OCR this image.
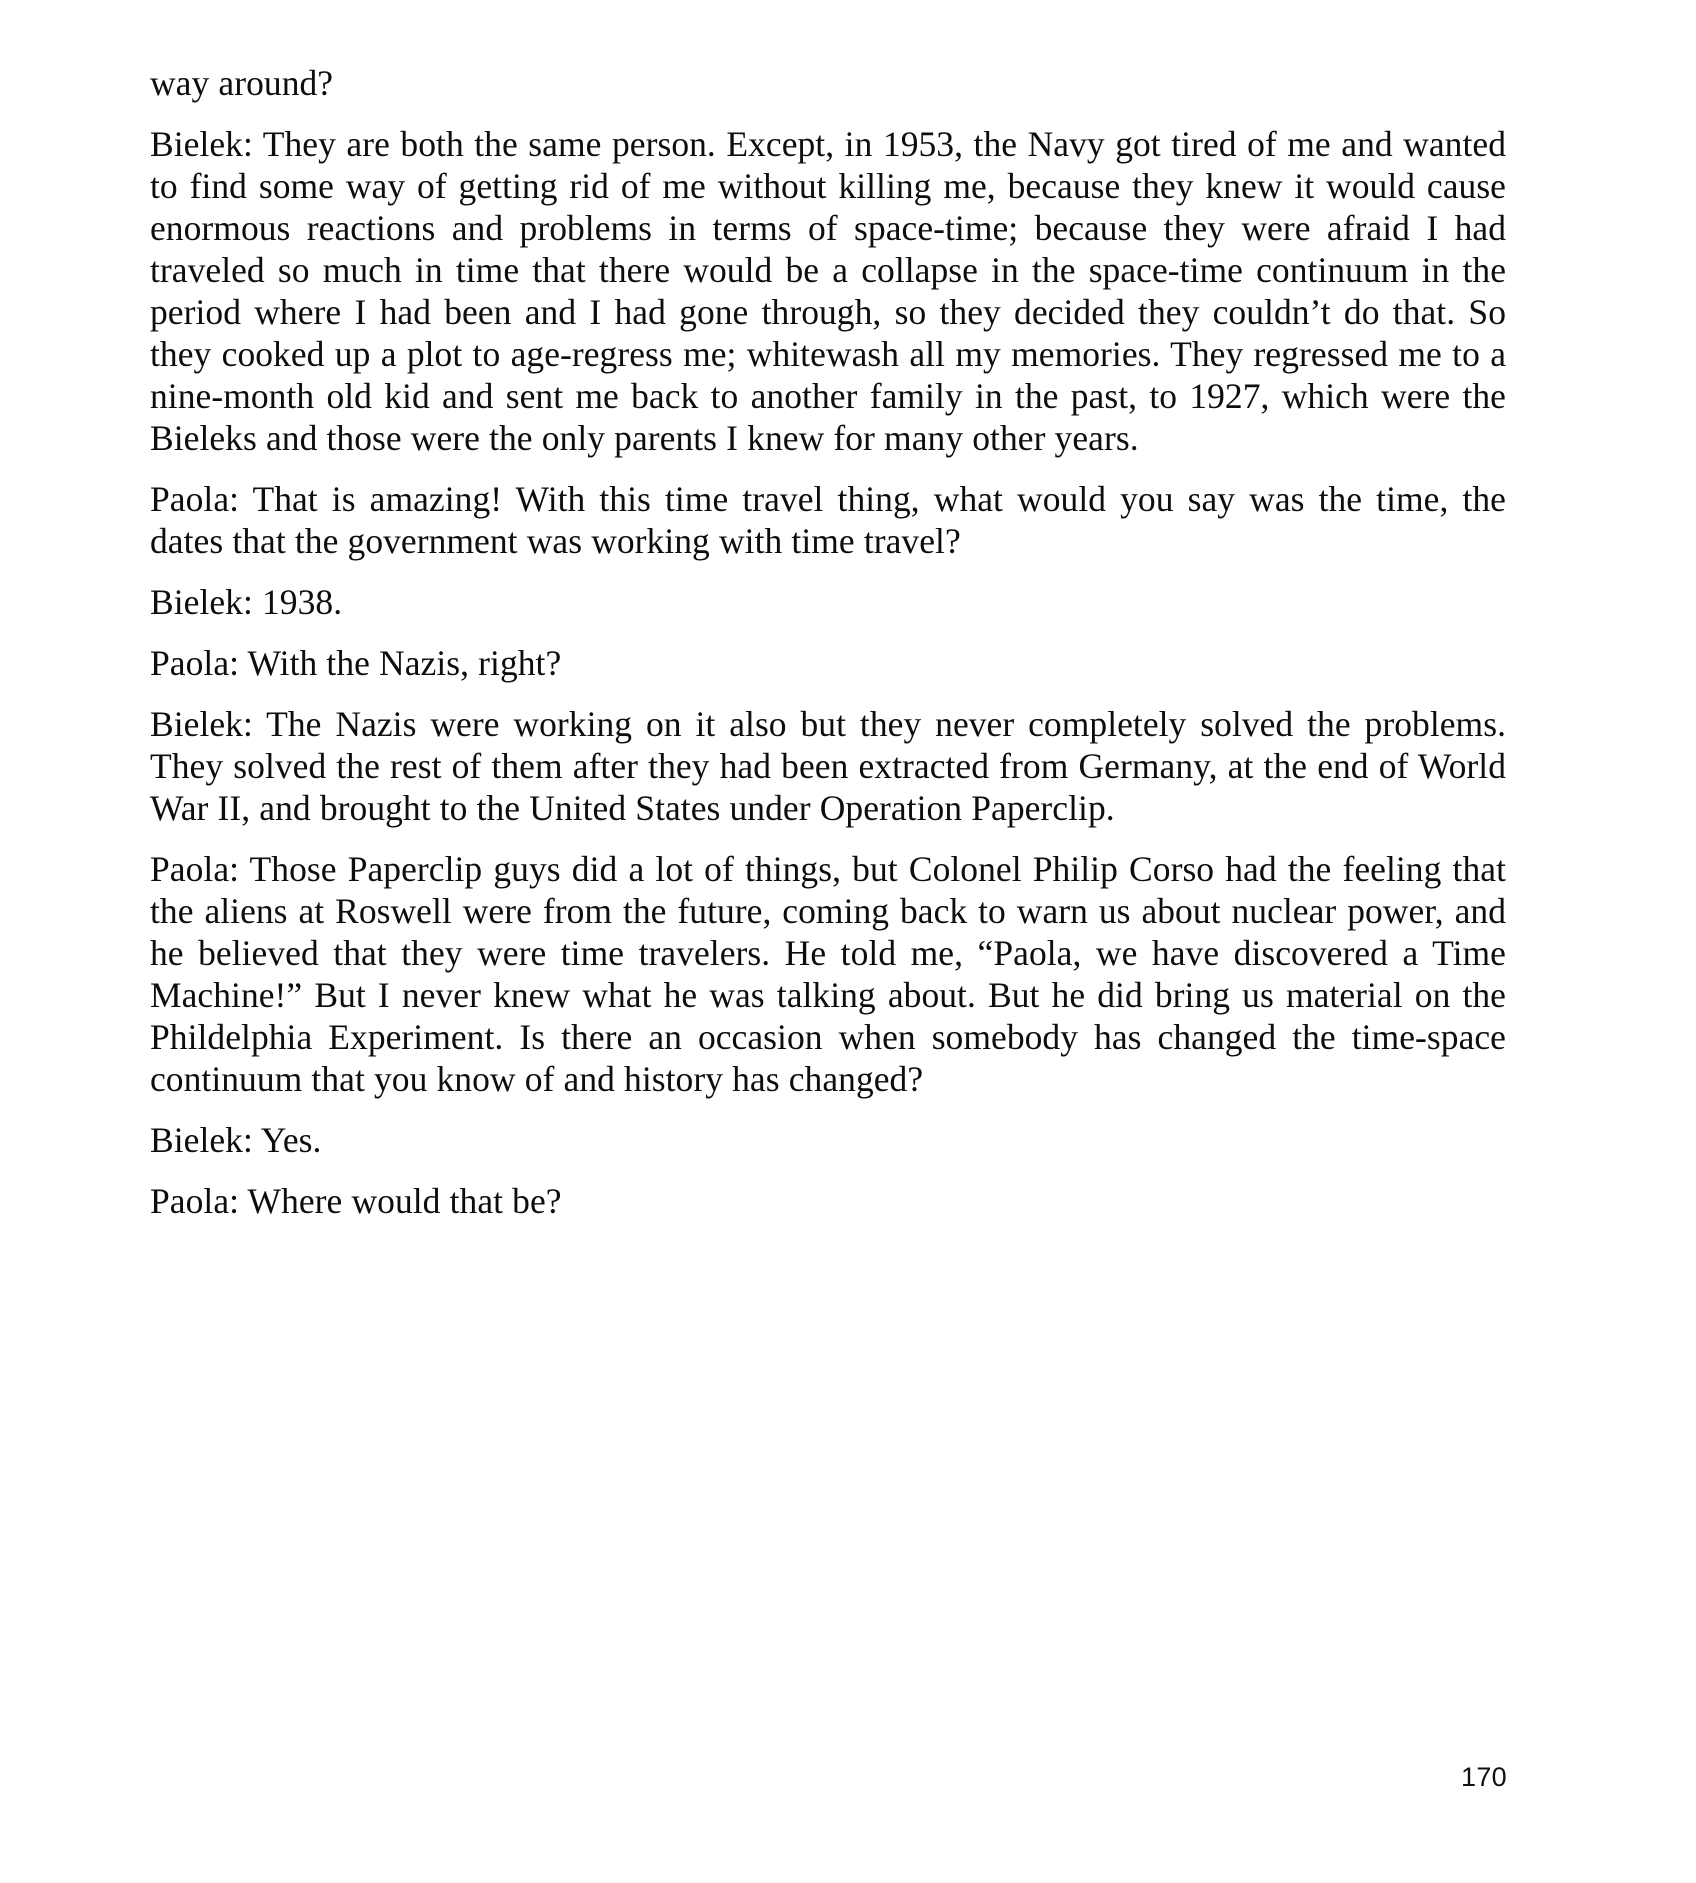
way around?

Bielek: They are both the same person. Except, in 1953, the Navy got tired of me and wanted to find some way of getting rid of me without killing me, because they knew it would cause enormous reactions and problems in terms of space-time; because they were afraid I had traveled so much in time that there would be a collapse in the space-time continuum in the period where I had been and I had gone through, so they decided they couldn’t do that. So they cooked up a plot to age-regress me; whitewash all my memories. They regressed me to a nine-month old kid and sent me back to another family in the past, to 1927, which were the Bieleks and those were the only parents I knew for many other years.

Paola: That is amazing! With this time travel thing, what would you say was the time, the dates that the government was working with time travel?

Bielek: 1938.

Paola: With the Nazis, right?

Bielek: The Nazis were working on it also but they never completely solved the problems. They solved the rest of them after they had been extracted from Germany, at the end of World War II, and brought to the United States under Operation Paperclip.

Paola: Those Paperclip guys did a lot of things, but Colonel Philip Corso had the feeling that the aliens at Roswell were from the future, coming back to warn us about nuclear power, and he believed that they were time travelers. He told me, “Paola, we have discovered a Time Machine!” But I never knew what he was talking about. But he did bring us material on the Phildelphia Experiment. Is there an occasion when somebody has changed the time-space continuum that you know of and history has changed?

Bielek: Yes.

Paola: Where would that be?

170
